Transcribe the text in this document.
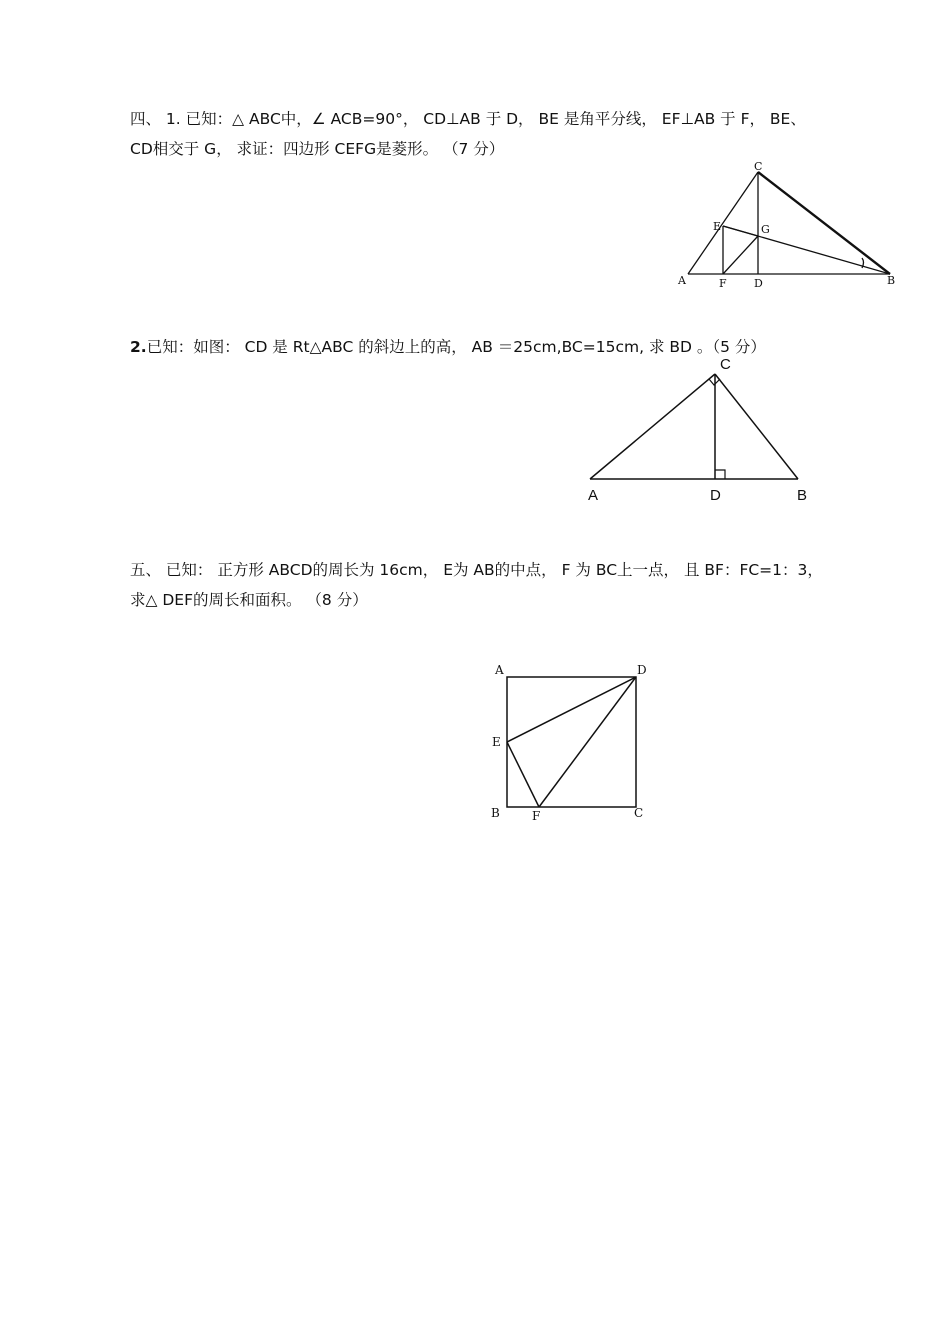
四、 1. 已知：△ ABC中，∠ ACB=90°， CD⊥AB 于 D， BE 是角平分线， EF⊥AB 于 F， BE、
CD相交于 G， 求证：四边形 CEFG是菱形。 （7 分）
C
E	G
A	F D	B
2.已知：如图： CD 是 Rt△ABC 的斜边上的高， AB ＝25cm,BC=15cm, 求 BD 。（5 分）
C
A	D	B
五、 已知： 正方形 ABCD的周长为 16cm， E为 AB的中点， F 为 BC上一点， 且 BF：FC=1：3，
求△ DEF的周长和面积。 （8 分）
A	D
E
B	F	C
